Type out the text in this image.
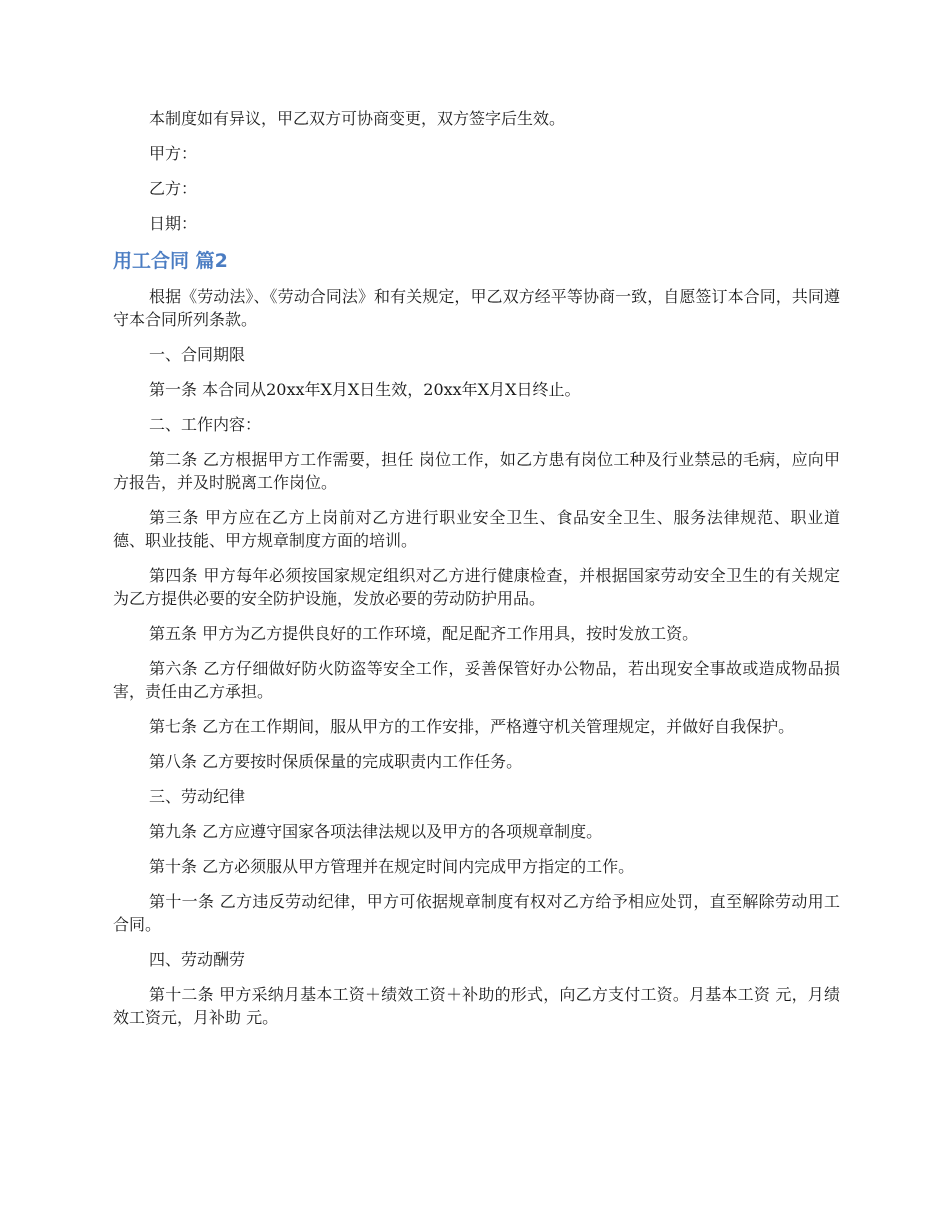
本制度如有异议，甲乙双方可协商变更，双方签字后生效。

甲方：

乙方：

日期：

用工合同 篇2

根据《劳动法》、《劳动合同法》和有关规定，甲乙双方经平等协商一致，自愿签订本合同，共同遵守本合同所列条款。

一、合同期限

第一条 本合同从20xx年X月X日生效，20xx年X月X日终止。

二、工作内容：

第二条 乙方根据甲方工作需要，担任 岗位工作，如乙方患有岗位工种及行业禁忌的毛病，应向甲方报告，并及时脱离工作岗位。

第三条 甲方应在乙方上岗前对乙方进行职业安全卫生、食品安全卫生、服务法律规范、职业道德、职业技能、甲方规章制度方面的培训。

第四条 甲方每年必须按国家规定组织对乙方进行健康检查，并根据国家劳动安全卫生的有关规定为乙方提供必要的安全防护设施，发放必要的劳动防护用品。

第五条 甲方为乙方提供良好的工作环境，配足配齐工作用具，按时发放工资。

第六条 乙方仔细做好防火防盗等安全工作，妥善保管好办公物品，若出现安全事故或造成物品损害，责任由乙方承担。

第七条 乙方在工作期间，服从甲方的工作安排，严格遵守机关管理规定，并做好自我保护。

第八条 乙方要按时保质保量的完成职责内工作任务。

三、劳动纪律

第九条 乙方应遵守国家各项法律法规以及甲方的各项规章制度。

第十条 乙方必须服从甲方管理并在规定时间内完成甲方指定的工作。

第十一条 乙方违反劳动纪律，甲方可依据规章制度有权对乙方给予相应处罚，直至解除劳动用工合同。

四、劳动酬劳

第十二条 甲方采纳月基本工资＋绩效工资＋补助的形式，向乙方支付工资。月基本工资 元，月绩效工资元，月补助 元。
